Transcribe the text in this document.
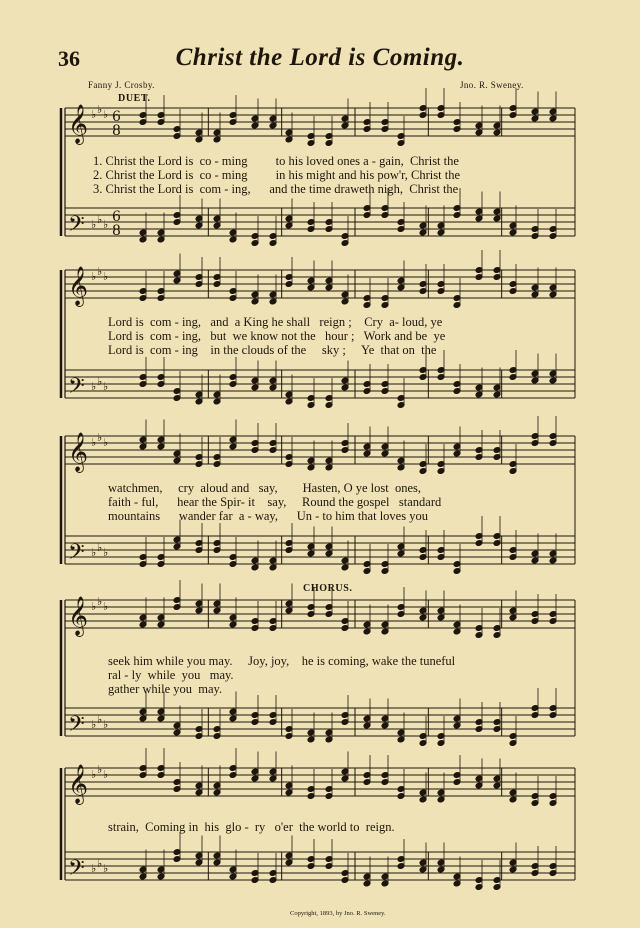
36	Christ the Lord is Coming.
Fanny J. Crosby.	Jno. R. Sweney.
DUET.
CHORUS.
𝄞 ♭ ♭ ♭ 6
8
𝄢 ♭ ♭ ♭ 6
8
𝄞 ♭ ♭ ♭
𝄢 ♭ ♭ ♭
𝄞 ♭ ♭ ♭
𝄢 ♭ ♭ ♭
𝄞 ♭ ♭ ♭
𝄢 ♭ ♭ ♭
𝄞 ♭ ♭ ♭
𝄢 ♭ ♭ ♭
1. Christ the Lord is  co - ming         to his loved ones a - gain,  Christ the
2. Christ the Lord is  co - ming         in his might and his pow'r, Christ the
3. Christ the Lord is  com - ing,      and the time draweth nigh,  Christ the
Lord is  com - ing,   and  a King he shall   reign ;    Cry  a- loud, ye
Lord is  com - ing,   but  we know not the   hour ;   Work and be  ye
Lord is  com - ing    in the clouds of the     sky ;     Ye  that on  the
watchmen,     cry  aloud and   say,        Hasten, O ye lost  ones,
faith - ful,      hear the Spir- it    say,     Round the gospel   standard
mountains      wander far  a - way,      Un - to him that loves you
seek him while you may.     Joy, joy,    he is coming, wake the tuneful
ral - ly  while  you   may.
gather while you  may.
strain,  Coming in  his  glo -  ry   o'er  the world to  reign.
Copyright, 1893, by Jno. R. Sweney.
